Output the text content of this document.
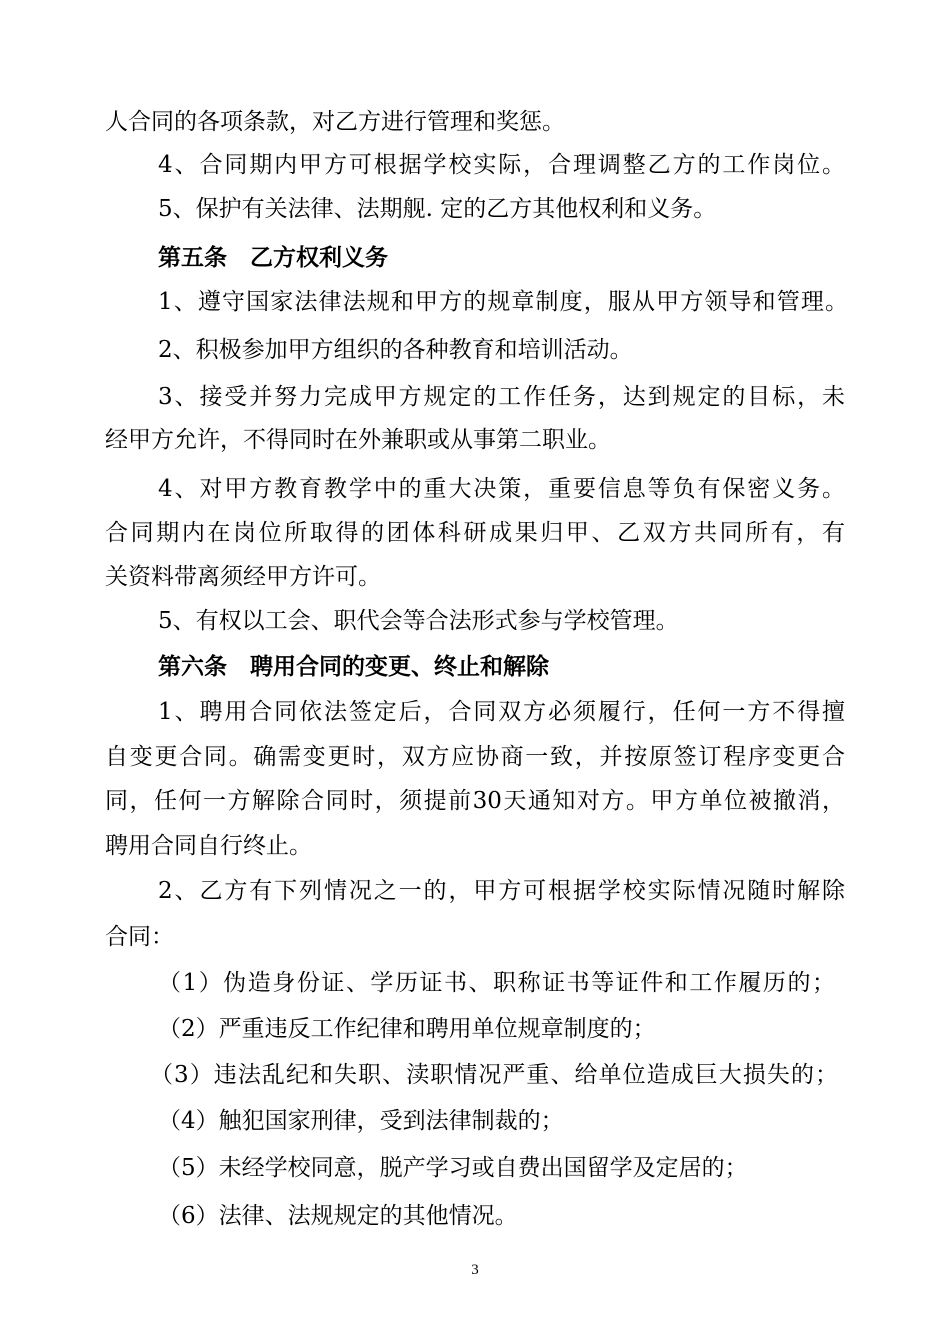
3
人合同的各项条款，对乙方进行管理和奖惩。
4、合同期内甲方可根据学校实际，合理调整乙方的工作岗位。
5、保护有关法律、法期舰. 定的乙方其他权利和义务。
第五条　乙方权利义务
1、遵守国家法律法规和甲方的规章制度，服从甲方领导和管理。
2、积极参加甲方组织的各种教育和培训活动。
3、接受并努力完成甲方规定的工作任务，达到规定的目标，未
经甲方允许，不得同时在外兼职或从事第二职业。
4、对甲方教育教学中的重大决策，重要信息等负有保密义务。
合同期内在岗位所取得的团体科研成果归甲、乙双方共同所有，有
关资料带离须经甲方许可。
5、有权以工会、职代会等合法形式参与学校管理。
第六条　聘用合同的变更、终止和解除
1、聘用合同依法签定后，合同双方必须履行，任何一方不得擅
自变更合同。确需变更时，双方应协商一致，并按原签订程序变更合
同，任何一方解除合同时，须提前30天通知对方。甲方单位被撤消，
聘用合同自行终止。
2、乙方有下列情况之一的，甲方可根据学校实际情况随时解除
合同：
（1）伪造身份证、学历证书、职称证书等证件和工作履历的；
（2）严重违反工作纪律和聘用单位规章制度的；
（3）违法乱纪和失职、渎职情况严重、给单位造成巨大损失的；
（4）触犯国家刑律，受到法律制裁的；
（5）未经学校同意，脱产学习或自费出国留学及定居的；
（6）法律、法规规定的其他情况。
